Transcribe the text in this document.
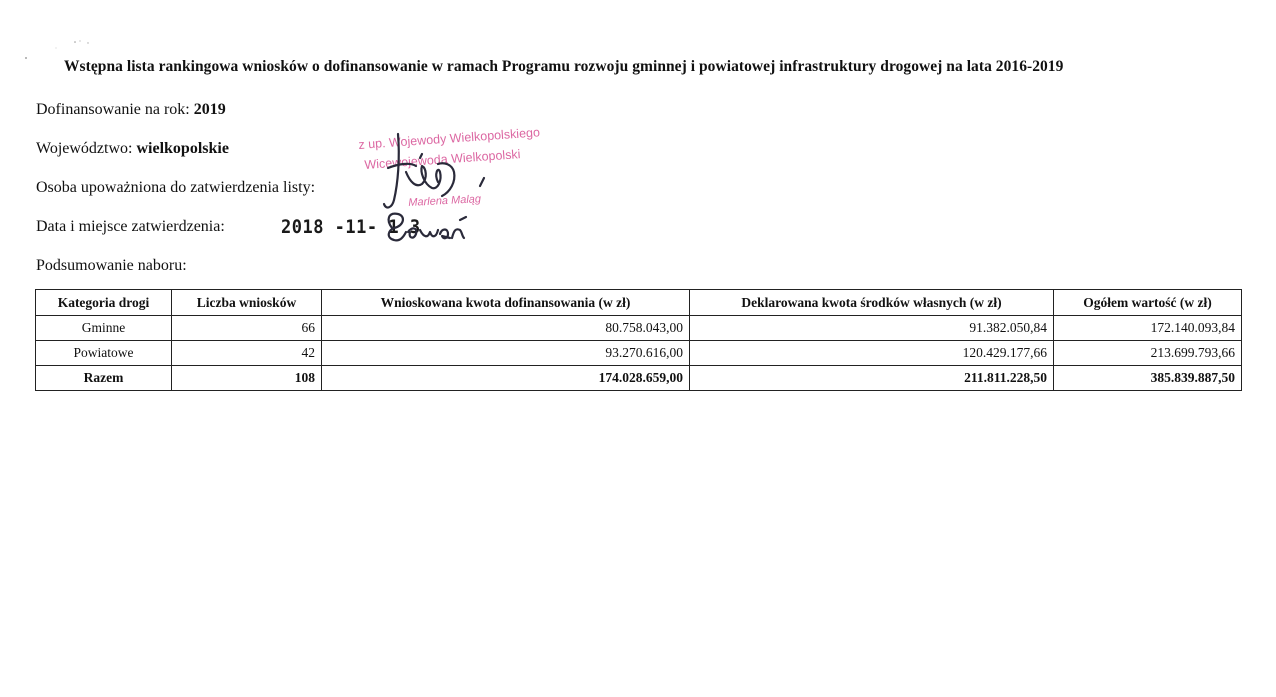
Wstępna lista rankingowa wniosków o dofinansowanie w ramach Programu rozwoju gminnej i powiatowej infrastruktury drogowej na lata 2016-2019
Dofinansowanie na rok: 2019
Województwo: wielkopolskie
Osoba upoważniona do zatwierdzenia listy:
Data i miejsce zatwierdzenia:	2018 -11- 1 3
Podsumowanie naboru:
z up. Wojewody Wielkopolskiego
Wicewojewoda Wielkopolski
Marlena Maląg
Kategoria drogi	Liczba wniosków	Wnioskowana kwota dofinansowania (w zł)	Deklarowana kwota środków własnych (w zł)	Ogółem wartość (w zł)
Gminne	66	80.758.043,00	91.382.050,84	172.140.093,84
Powiatowe	42	93.270.616,00	120.429.177,66	213.699.793,66
Razem	108	174.028.659,00	211.811.228,50	385.839.887,50
